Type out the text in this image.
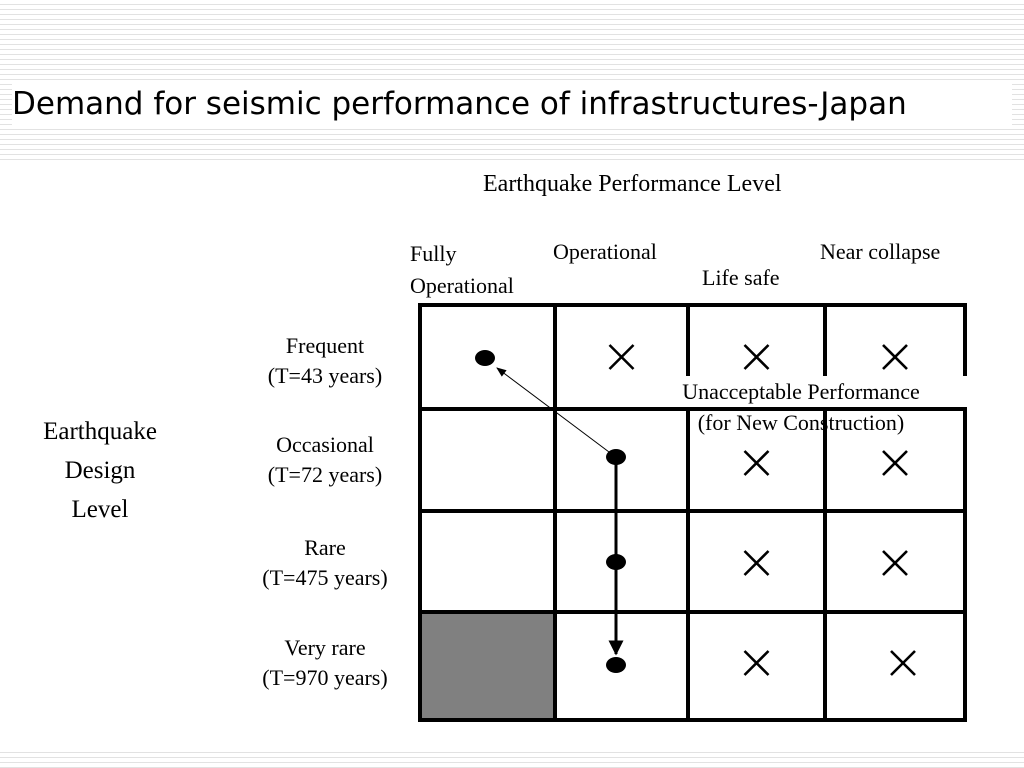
Demand for seismic performance of infrastructures-Japan
Earthquake Performance Level
Fully
Operational
Operational
Life safe
Near collapse
Earthquake
Design
Level
Frequent
(T=43 years)
Occasional
(T=72 years)
Rare
(T=475 years)
Very rare
(T=970 years)
Unacceptable Performance
(for New Construction)
